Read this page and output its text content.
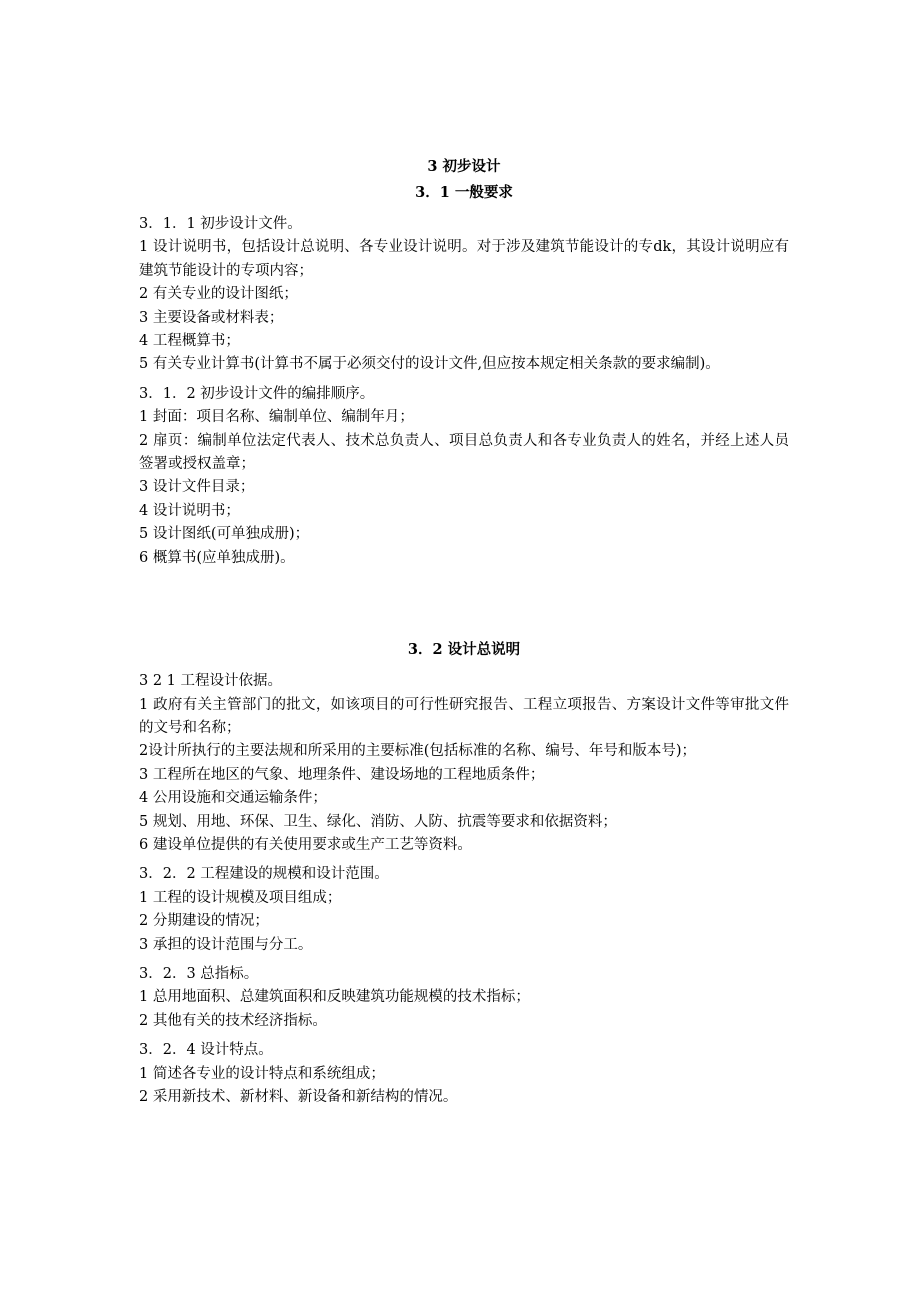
3 初步设计
3．1 一般要求

3．1．1 初步设计文件。

1 设计说明书，包括设计总说明、各专业设计说明。对于涉及建筑节能设计的专dk，其设计说明应有建筑节能设计的专项内容；

2 有关专业的设计图纸；

3 主要设备或材料表；

4 工程概算书；

5 有关专业计算书(计算书不属于必须交付的设计文件,但应按本规定相关条款的要求编制)。

3．1．2 初步设计文件的编排顺序。

1 封面：项目名称、编制单位、编制年月；

2 扉页：编制单位法定代表人、技术总负责人、项目总负责人和各专业负责人的姓名，并经上述人员签署或授权盖章；

3 设计文件目录；

4 设计说明书；

5 设计图纸(可单独成册)；

6 概算书(应单独成册)。

3．2 设计总说明

3 2 1 工程设计依据。

1 政府有关主管部门的批文，如该项目的可行性研究报告、工程立项报告、方案设计文件等审批文件的文号和名称；

2设计所执行的主要法规和所采用的主要标准(包括标准的名称、编号、年号和版本号)；

3 工程所在地区的气象、地理条件、建设场地的工程地质条件；

4 公用设施和交通运输条件；

5 规划、用地、环保、卫生、绿化、消防、人防、抗震等要求和依据资料；

6 建设单位提供的有关使用要求或生产工艺等资料。

3．2．2 工程建设的规模和设计范围。

1 工程的设计规模及项目组成；

2 分期建设的情况；

3 承担的设计范围与分工。

3．2．3 总指标。

1 总用地面积、总建筑面积和反映建筑功能规模的技术指标；

2 其他有关的技术经济指标。

3．2．4 设计特点。

1 简述各专业的设计特点和系统组成；

2 采用新技术、新材料、新设备和新结构的情况。
